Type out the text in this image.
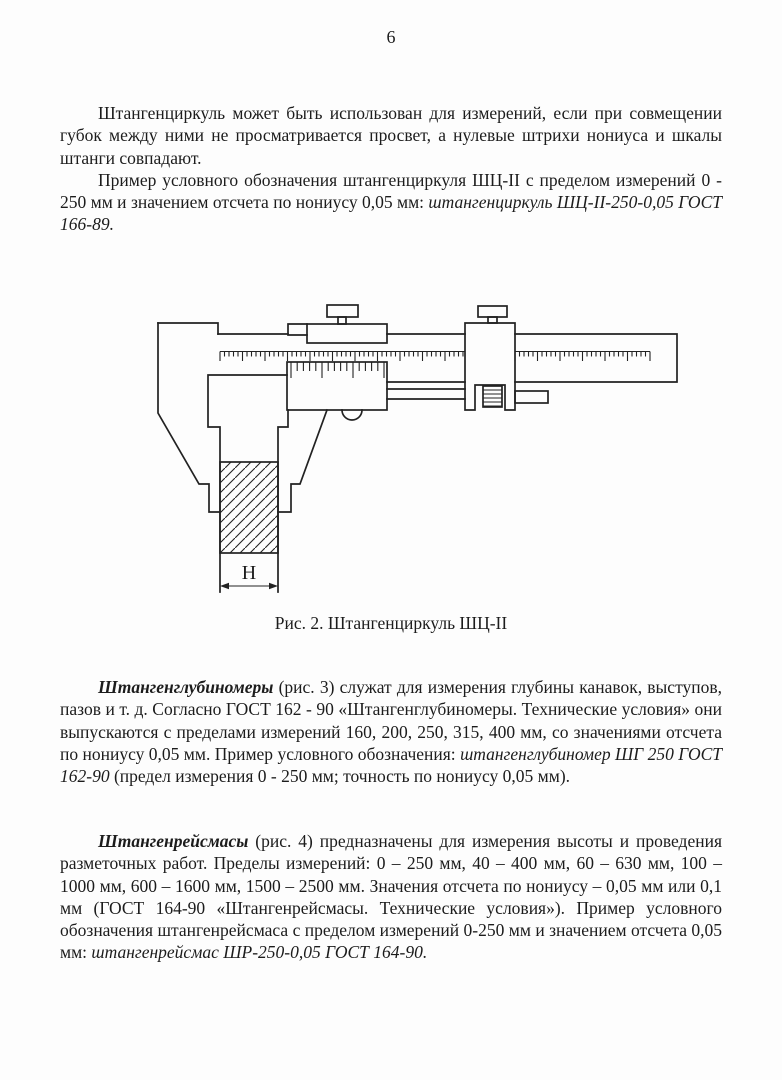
6

Штангенциркуль может быть использован для измерений, если при совмещении губок между ними не просматривается просвет, а нулевые штрихи нониуса и шкалы штанги совпадают.

Пример условного обозначения штангенциркуля ШЦ-II с пределом измерений 0 - 250 мм и значением отсчета по нониусу 0,05 мм: штангенциркуль ШЦ-II-250-0,05 ГОСТ 166-89.

H
Рис. 2. Штангенциркуль ШЦ-II

Штангенглубиномеры (рис. 3) служат для измерения глубины канавок, выступов, пазов и т. д. Согласно ГОСТ 162 - 90 «Штангенглубиномеры. Технические условия» они выпускаются с пределами измерений 160, 200, 250, 315, 400 мм, со значениями отсчета по нониусу 0,05 мм. Пример условного обозначения: штангенглубиномер ШГ 250 ГОСТ 162-90 (предел измерения 0 - 250 мм; точность по нониусу 0,05 мм).

Штангенрейсмасы (рис. 4) предназначены для измерения высоты и проведения разметочных работ. Пределы измерений: 0 – 250 мм, 40 – 400 мм, 60 – 630 мм, 100 – 1000 мм, 600 – 1600 мм, 1500 – 2500 мм. Значения отсчета по нониусу – 0,05 мм или 0,1 мм (ГОСТ 164-90 «Штангенрейсмасы. Технические условия»). Пример условного обозначения штангенрейсмаса с пределом измерений 0-250 мм и значением отсчета 0,05 мм: штангенрейсмас ШР-250-0,05 ГОСТ 164-90.
